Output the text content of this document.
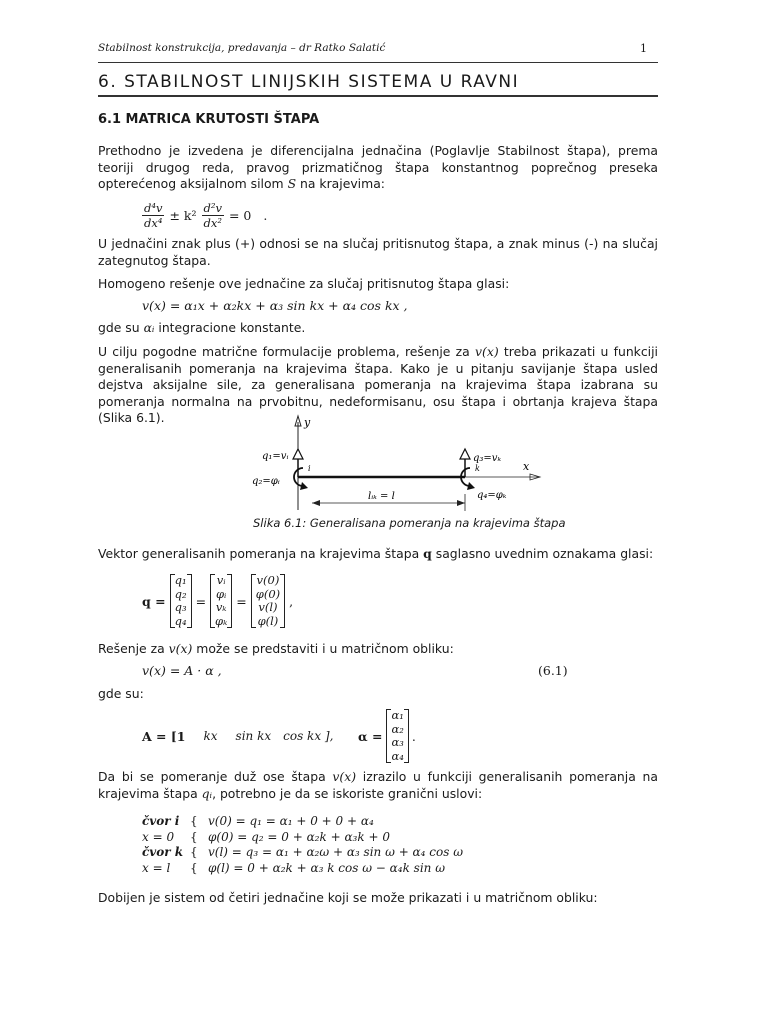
Stabilnost konstrukcija, predavanja – dr Ratko Salatić	1
6. STABILNOST LINIJSKIH SISTEMA U RAVNI
6.1 MATRICA KRUTOSTI ŠTAPA
Prethodno je izvedena je diferencijalna jednačina (Poglavlje Stabilnost štapa), prema teoriji drugog reda, pravog prizmatičnog štapa konstantnog poprečnog preseka opterećenog aksijalnom silom S na krajevima:
d⁴v
$dx^4 \pm k^2 \frac{\text{d²v}}{\text{dx²}} = 0$ .
U jednačini znak plus (+) odnosi se na slučaj pritisnutog štapa, a znak minus (-) na slučaj zategnutog štapa.
Homogeno rešenje ove jednačine za slučaj pritisnutog štapa glasi:
v(x) = α₁x + α₂kx + α₃ sin kx + α₄ cos kx ,
gde su αᵢ integracione konstante.
U cilju pogodne matrične formulacije problema, rešenje za v(x) treba prikazati u funkciji generalisanih pomeranja na krajevima štapa. Kako je u pitanju savijanje štapa usled dejstva aksijalne sile, za generalisana pomeranja na krajevima štapa izabrana su pomeranja normalna na prvobitnu, nedeformisanu, osu štapa i obrtanja krajeva štapa (Slika 6.1).	y
x
q₁=vᵢ
q₂=φᵢ
i
q₃=vₖ
k
q₄=φₖ
lᵢₖ = l
Slika 6.1: Generalisana pomeranja na krajevima štapa
Vektor generalisanih pomeranja na krajevima štapa q saglasno uvednim oznakama glasi:
q =
q₁
q₂
q₃
q₄
=
vᵢ
φᵢ
vₖ
φₖ
=
v(0)
φ(0)
v(l)
φ(l)
,
Rešenje za v(x) može se predstaviti i u matričnom obliku:
v(x) = A · α ,	(6.1)
gde su:
A = [1 kx sin kx cos kx ], α =
α₁
α₂
α₃
α₄
.
Da bi se pomeranje duž ose štapa v(x) izrazilo u funkciji generalisanih pomeranja na krajevima štapa qᵢ, potrebno je da se iskoriste granični uslovi:
čvor i { v(0) = q₁ = α₁ + 0 + 0 + α₄
x = 0	{ φ(0) = q₂ = 0 + α₂k + α₃k + 0
čvor k { v(l) = q₃ = α₁ + α₂ω + α₃ sin ω + α₄ cos ω
x = l	{ φ(l) = 0 + α₂k + α₃ k cos ω − α₄k sin ω
Dobijen je sistem od četiri jednačine koji se može prikazati i u matričnom obliku:
